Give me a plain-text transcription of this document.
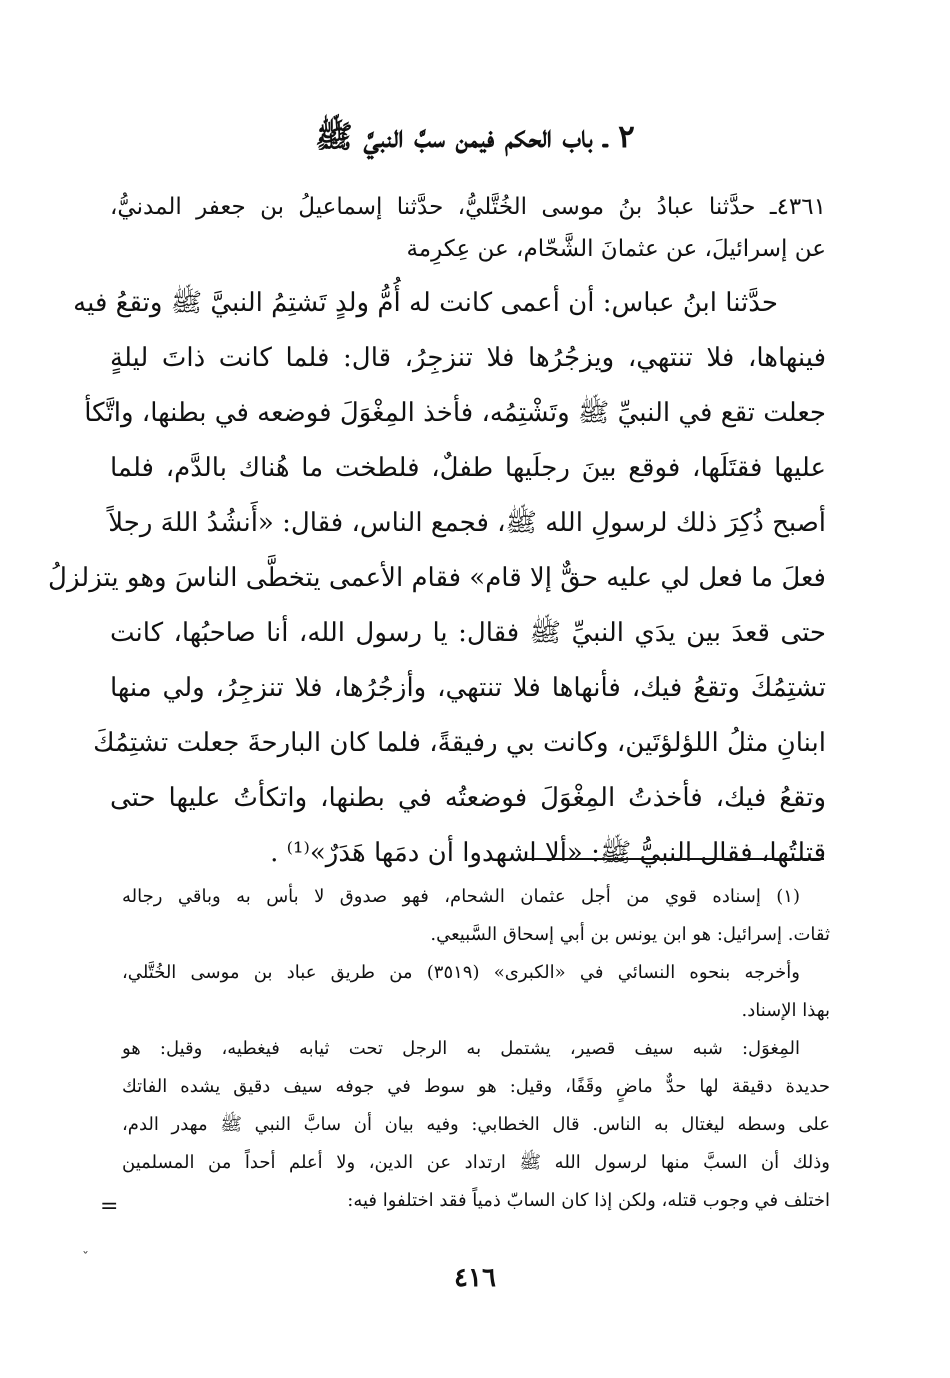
٢ ـ باب الحكم فيمن سبَّ النبيَّ ﷺ
٤٣٦١ـ حدَّثنا عبادُ بنُ موسى الخُتَّليُّ، حدَّثنا إسماعيلُ بن جعفر المدنيُّ،
عن إسرائيلَ، عن عثمانَ الشَّحّام، عن عِكرِمة
حدَّثنا ابنُ عباس: أن أعمى كانت له أُمُّ ولدٍ تَشتِمُ النبيَّ ﷺ وتقعُ فيه
فينهاها، فلا تنتهي، ويزجُرُها فلا تنزجِرُ، قال: فلما كانت ذاتَ ليلةٍ
جعلت تقع في النبيِّ ﷺ وتَشْتِمُه، فأخذ المِغْوَلَ فوضعه في بطنها، واتَّكأ
عليها فقتَلَها، فوقع بينَ رجلَيها طفلٌ، فلطخت ما هُناك بالدَّم، فلما
أصبح ذُكِرَ ذلك لرسولِ الله ﷺ، فجمع الناس، فقال: «أَنشُدُ اللهَ رجلاً
فعلَ ما فعل لي عليه حقٌّ إلا قام» فقام الأعمى يتخطَّى الناسَ وهو يتزلزلُ
حتى قعدَ بين يدَي النبيِّ ﷺ فقال: يا رسول الله، أنا صاحبُها، كانت
تشتِمُكَ وتقعُ فيك، فأنهاها فلا تنتهي، وأزجُرُها، فلا تنزجِرُ، ولي منها
ابنانِ مثلُ اللؤلؤتَين، وكانت بي رفيقةً، فلما كان البارحةَ جعلت تشتِمُكَ
وتقعُ فيك، فأخذتُ المِغْوَلَ فوضعتُه في بطنها، واتكأتُ عليها حتى
قتلتُها، فقال النبيُّ ﷺ: «ألا اشهدوا أن دمَها هَدَرٌ»⁽¹⁾ .
(١) إسناده قوي من أجل عثمان الشحام، فهو صدوق لا بأس به وباقي رجاله
ثقات. إسرائيل: هو ابن يونس بن أبي إسحاق السَّبيعي.
وأخرجه بنحوه النسائي في «الكبرى» (٣٥١٩) من طريق عباد بن موسى الخُتَّلي،
بهذا الإسناد.
المِغوَل: شبه سيف قصير، يشتمل به الرجل تحت ثيابه فيغطيه، وقيل: هو
حديدة دقيقة لها حدٌّ ماضٍ وقَفًا، وقيل: هو سوط في جوفه سيف دقيق يشده الفاتك
على وسطه ليغتال به الناس. قال الخطابي: وفيه بيان أن سابَّ النبي ﷺ مهدر الدم،
وذلك أن السبَّ منها لرسول الله ﷺ ارتداد عن الدين، ولا أعلم أحداً من المسلمين
اختلف في وجوب قتله، ولكن إذا كان السابّ ذمياً فقد اختلفوا فيه:
=
ˇ
٤١٦
